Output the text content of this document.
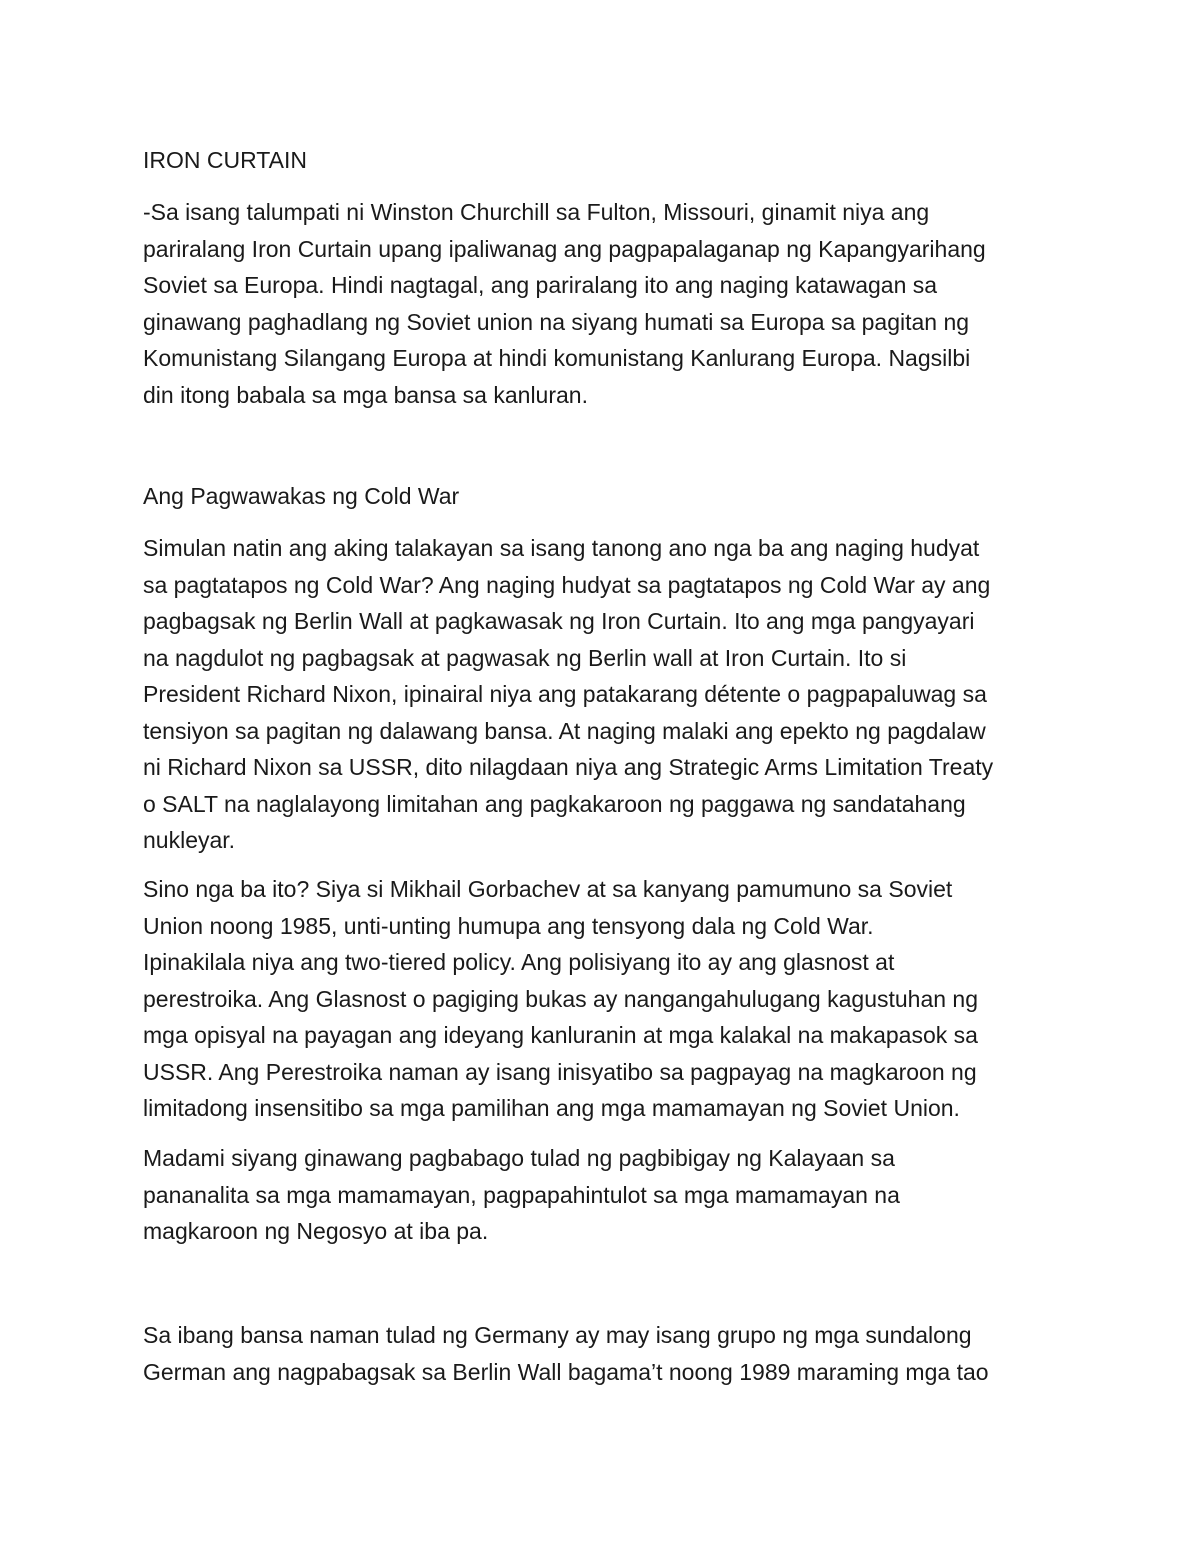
IRON CURTAIN
-Sa isang talumpati ni Winston Churchill sa Fulton, Missouri, ginamit niya ang
pariralang Iron Curtain upang ipaliwanag ang pagpapalaganap ng Kapangyarihang
Soviet sa Europa. Hindi nagtagal, ang pariralang ito ang naging katawagan sa
ginawang paghadlang ng Soviet union na siyang humati sa Europa sa pagitan ng
Komunistang Silangang Europa at hindi komunistang Kanlurang Europa. Nagsilbi
din itong babala sa mga bansa sa kanluran.
Ang Pagwawakas ng Cold War
Simulan natin ang aking talakayan sa isang tanong ano nga ba ang naging hudyat
sa pagtatapos ng Cold War? Ang naging hudyat sa pagtatapos ng Cold War ay ang
pagbagsak ng Berlin Wall at pagkawasak ng Iron Curtain. Ito ang mga pangyayari
na nagdulot ng pagbagsak at pagwasak ng Berlin wall at Iron Curtain. Ito si
President Richard Nixon, ipinairal niya ang patakarang détente o pagpapaluwag sa
tensiyon sa pagitan ng dalawang bansa. At naging malaki ang epekto ng pagdalaw
ni Richard Nixon sa USSR, dito nilagdaan niya ang Strategic Arms Limitation Treaty
o SALT na naglalayong limitahan ang pagkakaroon ng paggawa ng sandatahang
nukleyar.
Sino nga ba ito? Siya si Mikhail Gorbachev at sa kanyang pamumuno sa Soviet
Union noong 1985, unti-unting humupa ang tensyong dala ng Cold War.
Ipinakilala niya ang two-tiered policy. Ang polisiyang ito ay ang glasnost at
perestroika. Ang Glasnost o pagiging bukas ay nangangahulugang kagustuhan ng
mga opisyal na payagan ang ideyang kanluranin at mga kalakal na makapasok sa
USSR. Ang Perestroika naman ay isang inisyatibo sa pagpayag na magkaroon ng
limitadong insensitibo sa mga pamilihan ang mga mamamayan ng Soviet Union.
Madami siyang ginawang pagbabago tulad ng pagbibigay ng Kalayaan sa
pananalita sa mga mamamayan, pagpapahintulot sa mga mamamayan na
magkaroon ng Negosyo at iba pa.
Sa ibang bansa naman tulad ng Germany ay may isang grupo ng mga sundalong
German ang nagpabagsak sa Berlin Wall bagama’t noong 1989 maraming mga tao
